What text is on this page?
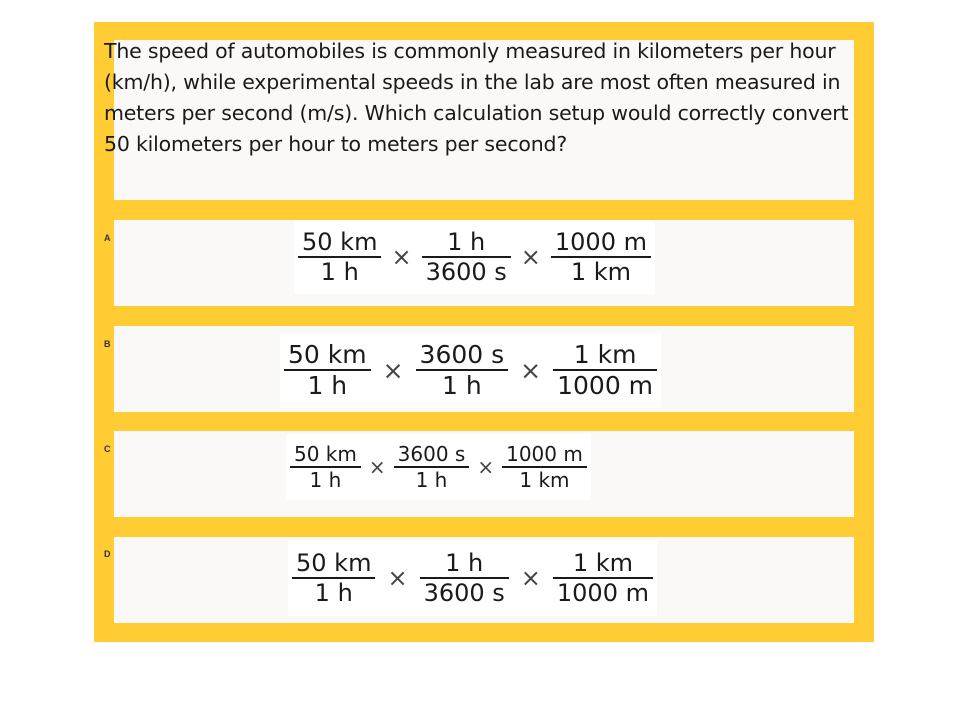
The speed of automobiles is commonly measured in kilometers per hour (km/h), while experimental speeds in the lab are most often measured in meters per second (m/s). Which calculation setup would correctly convert 50 kilometers per hour to meters per second?

A	$\frac{50 km}{1 h} \times \frac{1 h}{3600 s} \times \frac{1000 m}{1 km}$
B	$\frac{50 km}{1 h} \times \frac{3600 s}{1 h} \times \frac{1 km}{1000 m}$
C	$\frac{50 km}{1 h} \times \frac{3600 s}{1 h} \times \frac{1000 m}{1 km}$
D	$\frac{50 km}{1 h} \times \frac{1 h}{3600 s} \times \frac{1 km}{1000 m}$
